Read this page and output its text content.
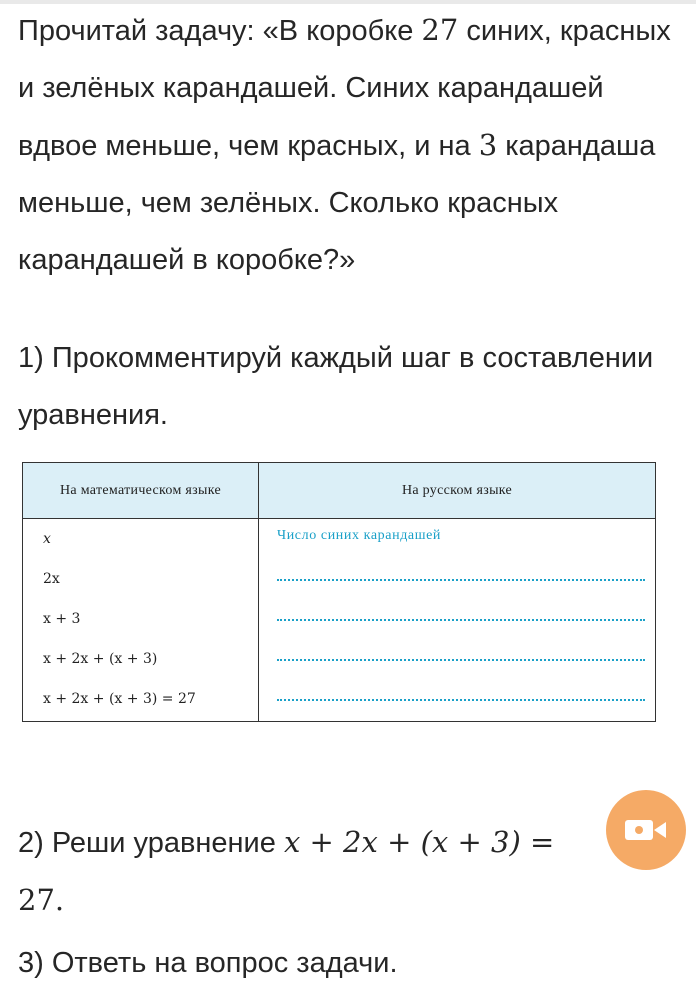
Прочитай задачу: «В коробке 27 синих, красных и зелёных карандашей. Синих карандашей вдвое меньше, чем красных, и на 3 карандаша меньше, чем зелёных. Сколько красных карандашей в коробке?»

1) Прокомментируй каждый шаг в составлении уравнения.

На математическом языке	На русском языке
x	Число синих карандашей
2x
x + 3
x + 2x + (x + 3)
x + 2x + (x + 3) = 27

2) Реши уравнение x + 2x + (x + 3) =
27.

3) Ответь на вопрос задачи.
